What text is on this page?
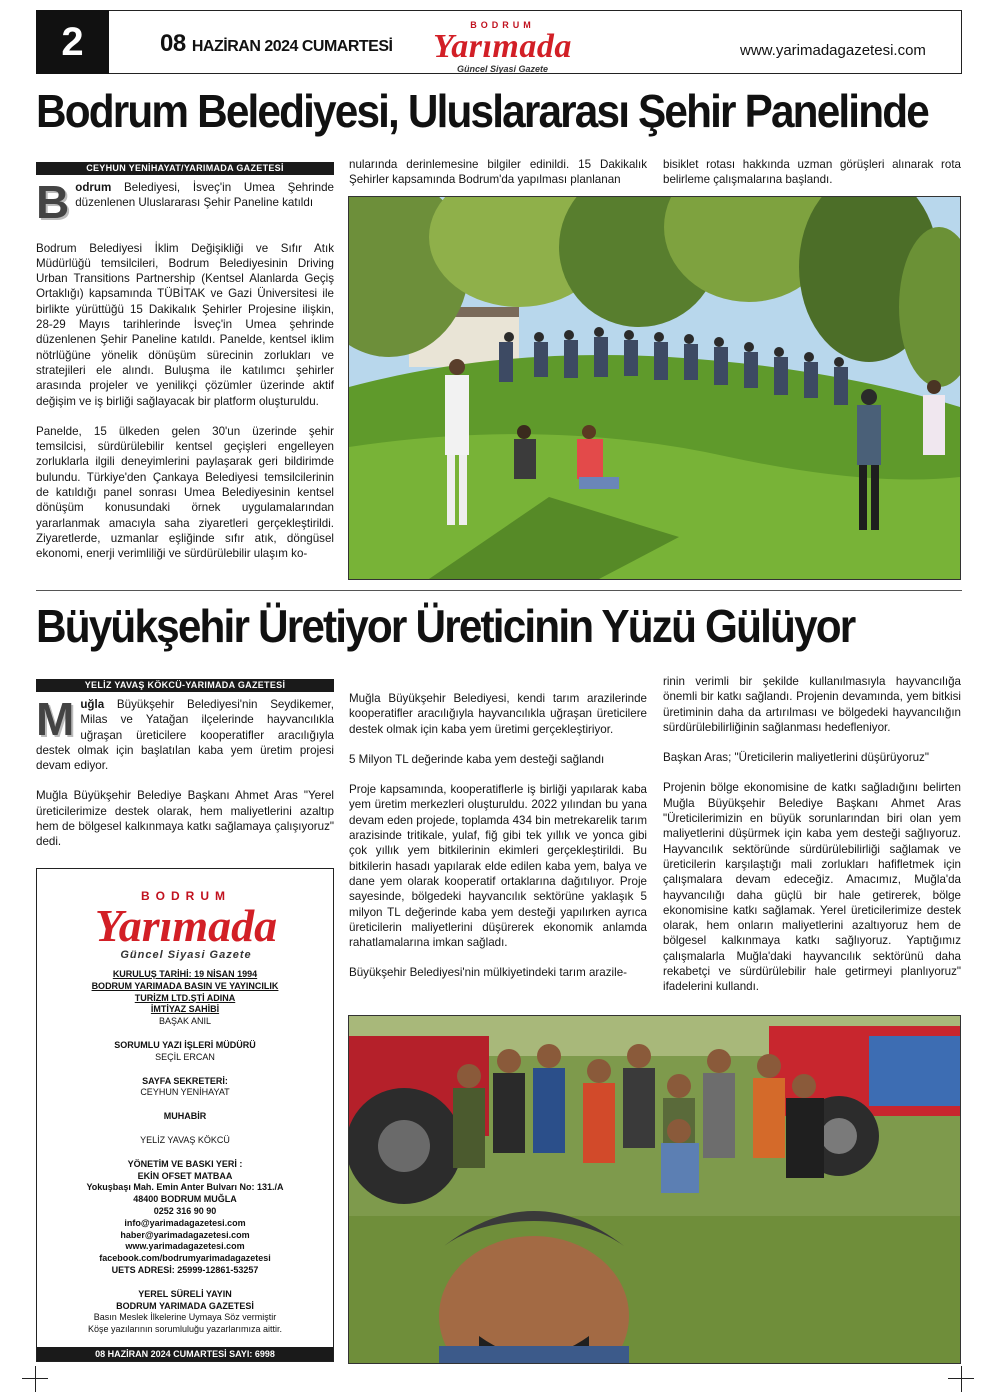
2	08 HAZİRAN 2024 CUMARTESİ
BODRUM
Yarımada
Güncel Siyasi Gazete
www.yarimadagazetesi.com
Bodrum Belediyesi, Uluslararası Şehir Panelinde
CEYHUN YENİHAYAT/YARIMADA GAZETESİ

B odrum Belediyesi, İsveç'in Umea Şehrinde düzenlenen Uluslararası Şehir Paneline katıldı

Bodrum Belediyesi İklim Değişikliği ve Sıfır Atık Müdürlüğü temsilcileri, Bodrum Belediyesinin Driving Urban Transitions Partnership (Kentsel Alanlarda Geçiş Ortaklığı) kapsamında TÜBİTAK ve Gazi Üniversitesi ile birlikte yürüttüğü 15 Dakikalık Şehirler Projesine ilişkin, 28-29 Mayıs tarihlerinde İsveç'in Umea şehrinde düzenlenen Şehir Paneline katıldı. Panelde, kentsel iklim nötrlüğüne yönelik dönüşüm sürecinin zorlukları ve stratejileri ele alındı. Buluşma ile katılımcı şehirler arasında projeler ve yenilikçi çözümler üzerinde aktif değişim ve iş birliği sağlayacak bir platform oluşturuldu.

Panelde, 15 ülkeden gelen 30'un üzerinde şehir temsilcisi, sürdürülebilir kentsel geçişleri engelleyen zorluklarla ilgili deneyimlerini paylaşarak geri bildirimde bulundu. Türkiye'den Çankaya Belediyesi temsilcilerinin de katıldığı panel sonrası Umea Belediyesinin kentsel dönüşüm konusundaki örnek uygulamalarından yararlanmak amacıyla saha ziyaretleri gerçekleştirildi. Ziyaretlerde, uzmanlar eşliğinde sıfır atık, döngüsel ekonomi, enerji verimliliği ve sürdürülebilir ulaşım ko-

nularında derinlemesine bilgiler edinildi. 15 Dakikalık Şehirler kapsamında Bodrum'da yapılması planlanan
bisiklet rotası hakkında uzman görüşleri alınarak rota belirleme çalışmalarına başlandı.
Büyükşehir Üretiyor Üreticinin Yüzü Gülüyor
YELİZ YAVAŞ KÖKCÜ-YARIMADA GAZETESİ

M uğla Büyükşehir Belediyesi'nin Seydikemer, Milas ve Yatağan ilçelerinde hayvancılıkla uğraşan üreticilere kooperatifler aracılığıyla destek olmak için başlatılan kaba yem üretim projesi devam ediyor.

Muğla Büyükşehir Belediye Başkanı Ahmet Aras "Yerel üreticilerimize destek olarak, hem maliyetlerini azaltıp hem de bölgesel kalkınmaya katkı sağlamaya çalışıyoruz" dedi.

Muğla Büyükşehir Belediyesi, kendi tarım arazilerinde kooperatifler aracılığıyla hayvancılıkla uğraşan üreticilere destek olmak için kaba yem üretimi gerçekleştiriyor.

5 Milyon TL değerinde kaba yem desteği sağlandı

Proje kapsamında, kooperatiflerle iş birliği yapılarak kaba yem üretim merkezleri oluşturuldu. 2022 yılından bu yana devam eden projede, toplamda 434 bin metrekarelik tarım arazisinde tritikale, yulaf, fiğ gibi tek yıllık ve yonca gibi çok yıllık yem bitkilerinin ekimleri gerçekleştirildi. Bu bitkilerin hasadı yapılarak elde edilen kaba yem, balya ve dane yem olarak kooperatif ortaklarına dağıtılıyor. Proje sayesinde, bölgedeki hayvancılık sektörüne yaklaşık 5 milyon TL değerinde kaba yem desteği yapılırken ayrıca üreticilerin maliyetlerini düşürerek ekonomik anlamda rahatlamalarına imkan sağladı.

Büyükşehir Belediyesi'nin mülkiyetindeki tarım arazile-

rinin verimli bir şekilde kullanılmasıyla hayvancılığa önemli bir katkı sağlandı. Projenin devamında, yem bitkisi üretiminin daha da artırılması ve bölgedeki hayvancılığın sürdürülebilirliğinin sağlanması hedefleniyor.

Başkan Aras; "Üreticilerin maliyetlerini düşürüyoruz"

Projenin bölge ekonomisine de katkı sağladığını belirten Muğla Büyükşehir Belediye Başkanı Ahmet Aras "Üreticilerimizin en büyük sorunlarından biri olan yem maliyetlerini düşürmek için kaba yem desteği sağlıyoruz. Hayvancılık sektöründe sürdürülebilirliği sağlamak ve üreticilerin karşılaştığı mali zorlukları hafifletmek için çalışmalara devam edeceğiz. Amacımız, Muğla'da hayvancılığı daha güçlü bir hale getirerek, bölge ekonomisine katkı sağlamak. Yerel üreticilerimize destek olarak, hem onların maliyetlerini azaltıyoruz hem de bölgesel kalkınmaya katkı sağlıyoruz. Yaptığımız çalışmalarla Muğla'daki hayvancılık sektörünü daha rekabetçi ve sürdürülebilir hale getirmeyi planlıyoruz" ifadelerini kullandı.

BODRUM
Yarımada
Güncel Siyasi Gazete
KURULUŞ TARİHİ: 19 NİSAN 1994
BODRUM YARIMADA BASIN VE YAYINCILIK
TURİZM LTD.ŞTİ ADINA
İMTİYAZ SAHİBİ
BAŞAK ANIL
SORUMLU YAZI İŞLERİ MÜDÜRÜ
SEÇİL ERCAN
SAYFA SEKRETERİ:
CEYHUN YENİHAYAT
MUHABİR
YELİZ YAVAŞ KÖKCÜ
YÖNETİM VE BASKI YERİ :
EKİN OFSET MATBAA
Yokuşbaşı Mah. Emin Anter Bulvarı No: 131./A
48400 BODRUM MUĞLA
0252 316 90 90
info@yarimadagazetesi.com
haber@yarimadagazetesi.com
www.yarimadagazetesi.com
facebook.com/bodrumyarimadagazetesi
UETS ADRESİ: 25999-12861-53257
YEREL SÜRELİ YAYIN
BODRUM YARIMADA GAZETESİ
Basın Meslek İlkelerine Uymaya Söz vermiştir
Köşe yazılarının sorumluluğu yazarlarımıza aittir.
08 HAZİRAN 2024 CUMARTESİ SAYI: 6998
